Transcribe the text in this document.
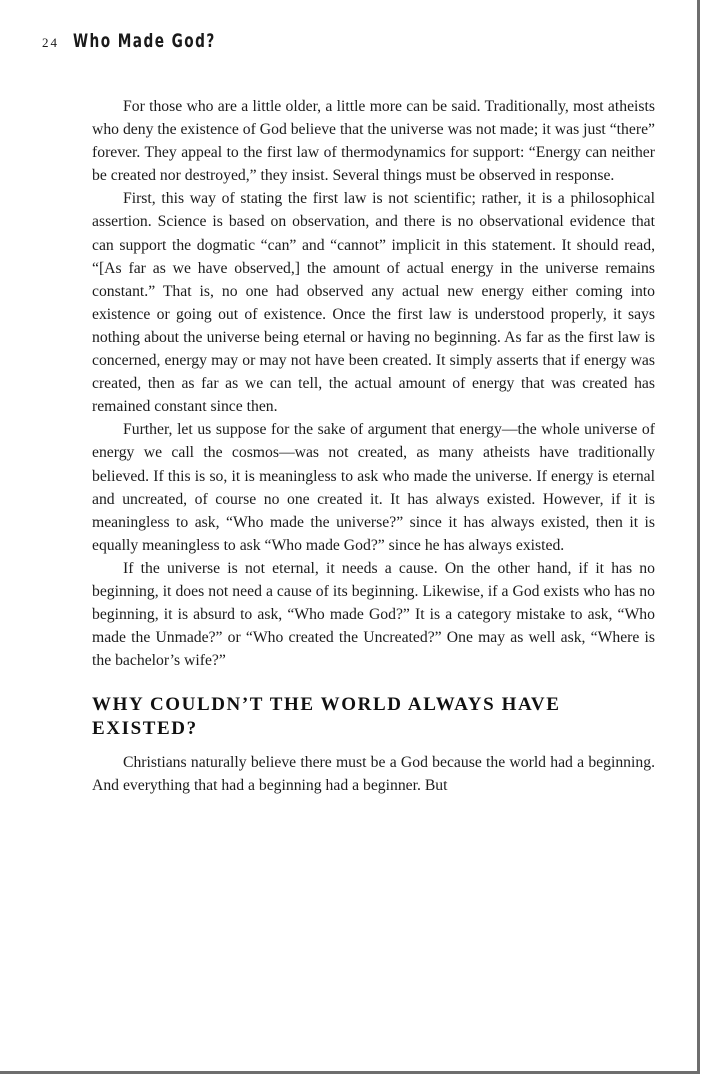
24 Who Made God?

For those who are a little older, a little more can be said. Traditionally, most atheists who deny the existence of God believe that the universe was not made; it was just “there” forever. They appeal to the first law of thermodynamics for support: “Energy can neither be created nor destroyed,” they insist. Several things must be observed in response.

First, this way of stating the first law is not scientific; rather, it is a philosophical assertion. Science is based on observation, and there is no observational evidence that can support the dogmatic “can” and “cannot” implicit in this statement. It should read, “[As far as we have observed,] the amount of actual energy in the universe remains constant.” That is, no one had observed any actual new energy either coming into existence or going out of existence. Once the first law is understood properly, it says nothing about the universe being eternal or having no beginning. As far as the first law is concerned, energy may or may not have been created. It simply asserts that if energy was created, then as far as we can tell, the actual amount of energy that was created has remained constant since then.

Further, let us suppose for the sake of argument that energy—the whole universe of energy we call the cosmos—was not created, as many atheists have traditionally believed. If this is so, it is meaningless to ask who made the universe. If energy is eternal and uncreated, of course no one created it. It has always existed. However, if it is meaningless to ask, “Who made the universe?” since it has always existed, then it is equally meaningless to ask “Who made God?” since he has always existed.

If the universe is not eternal, it needs a cause. On the other hand, if it has no beginning, it does not need a cause of its beginning. Likewise, if a God exists who has no beginning, it is absurd to ask, “Who made God?” It is a category mistake to ask, “Who made the Unmade?” or “Who created the Uncreated?” One may as well ask, “Where is the bachelor’s wife?”

WHY COULDN’T THE WORLD ALWAYS HAVE EXISTED?

Christians naturally believe there must be a God because the world had a beginning. And everything that had a beginning had a beginner. But
